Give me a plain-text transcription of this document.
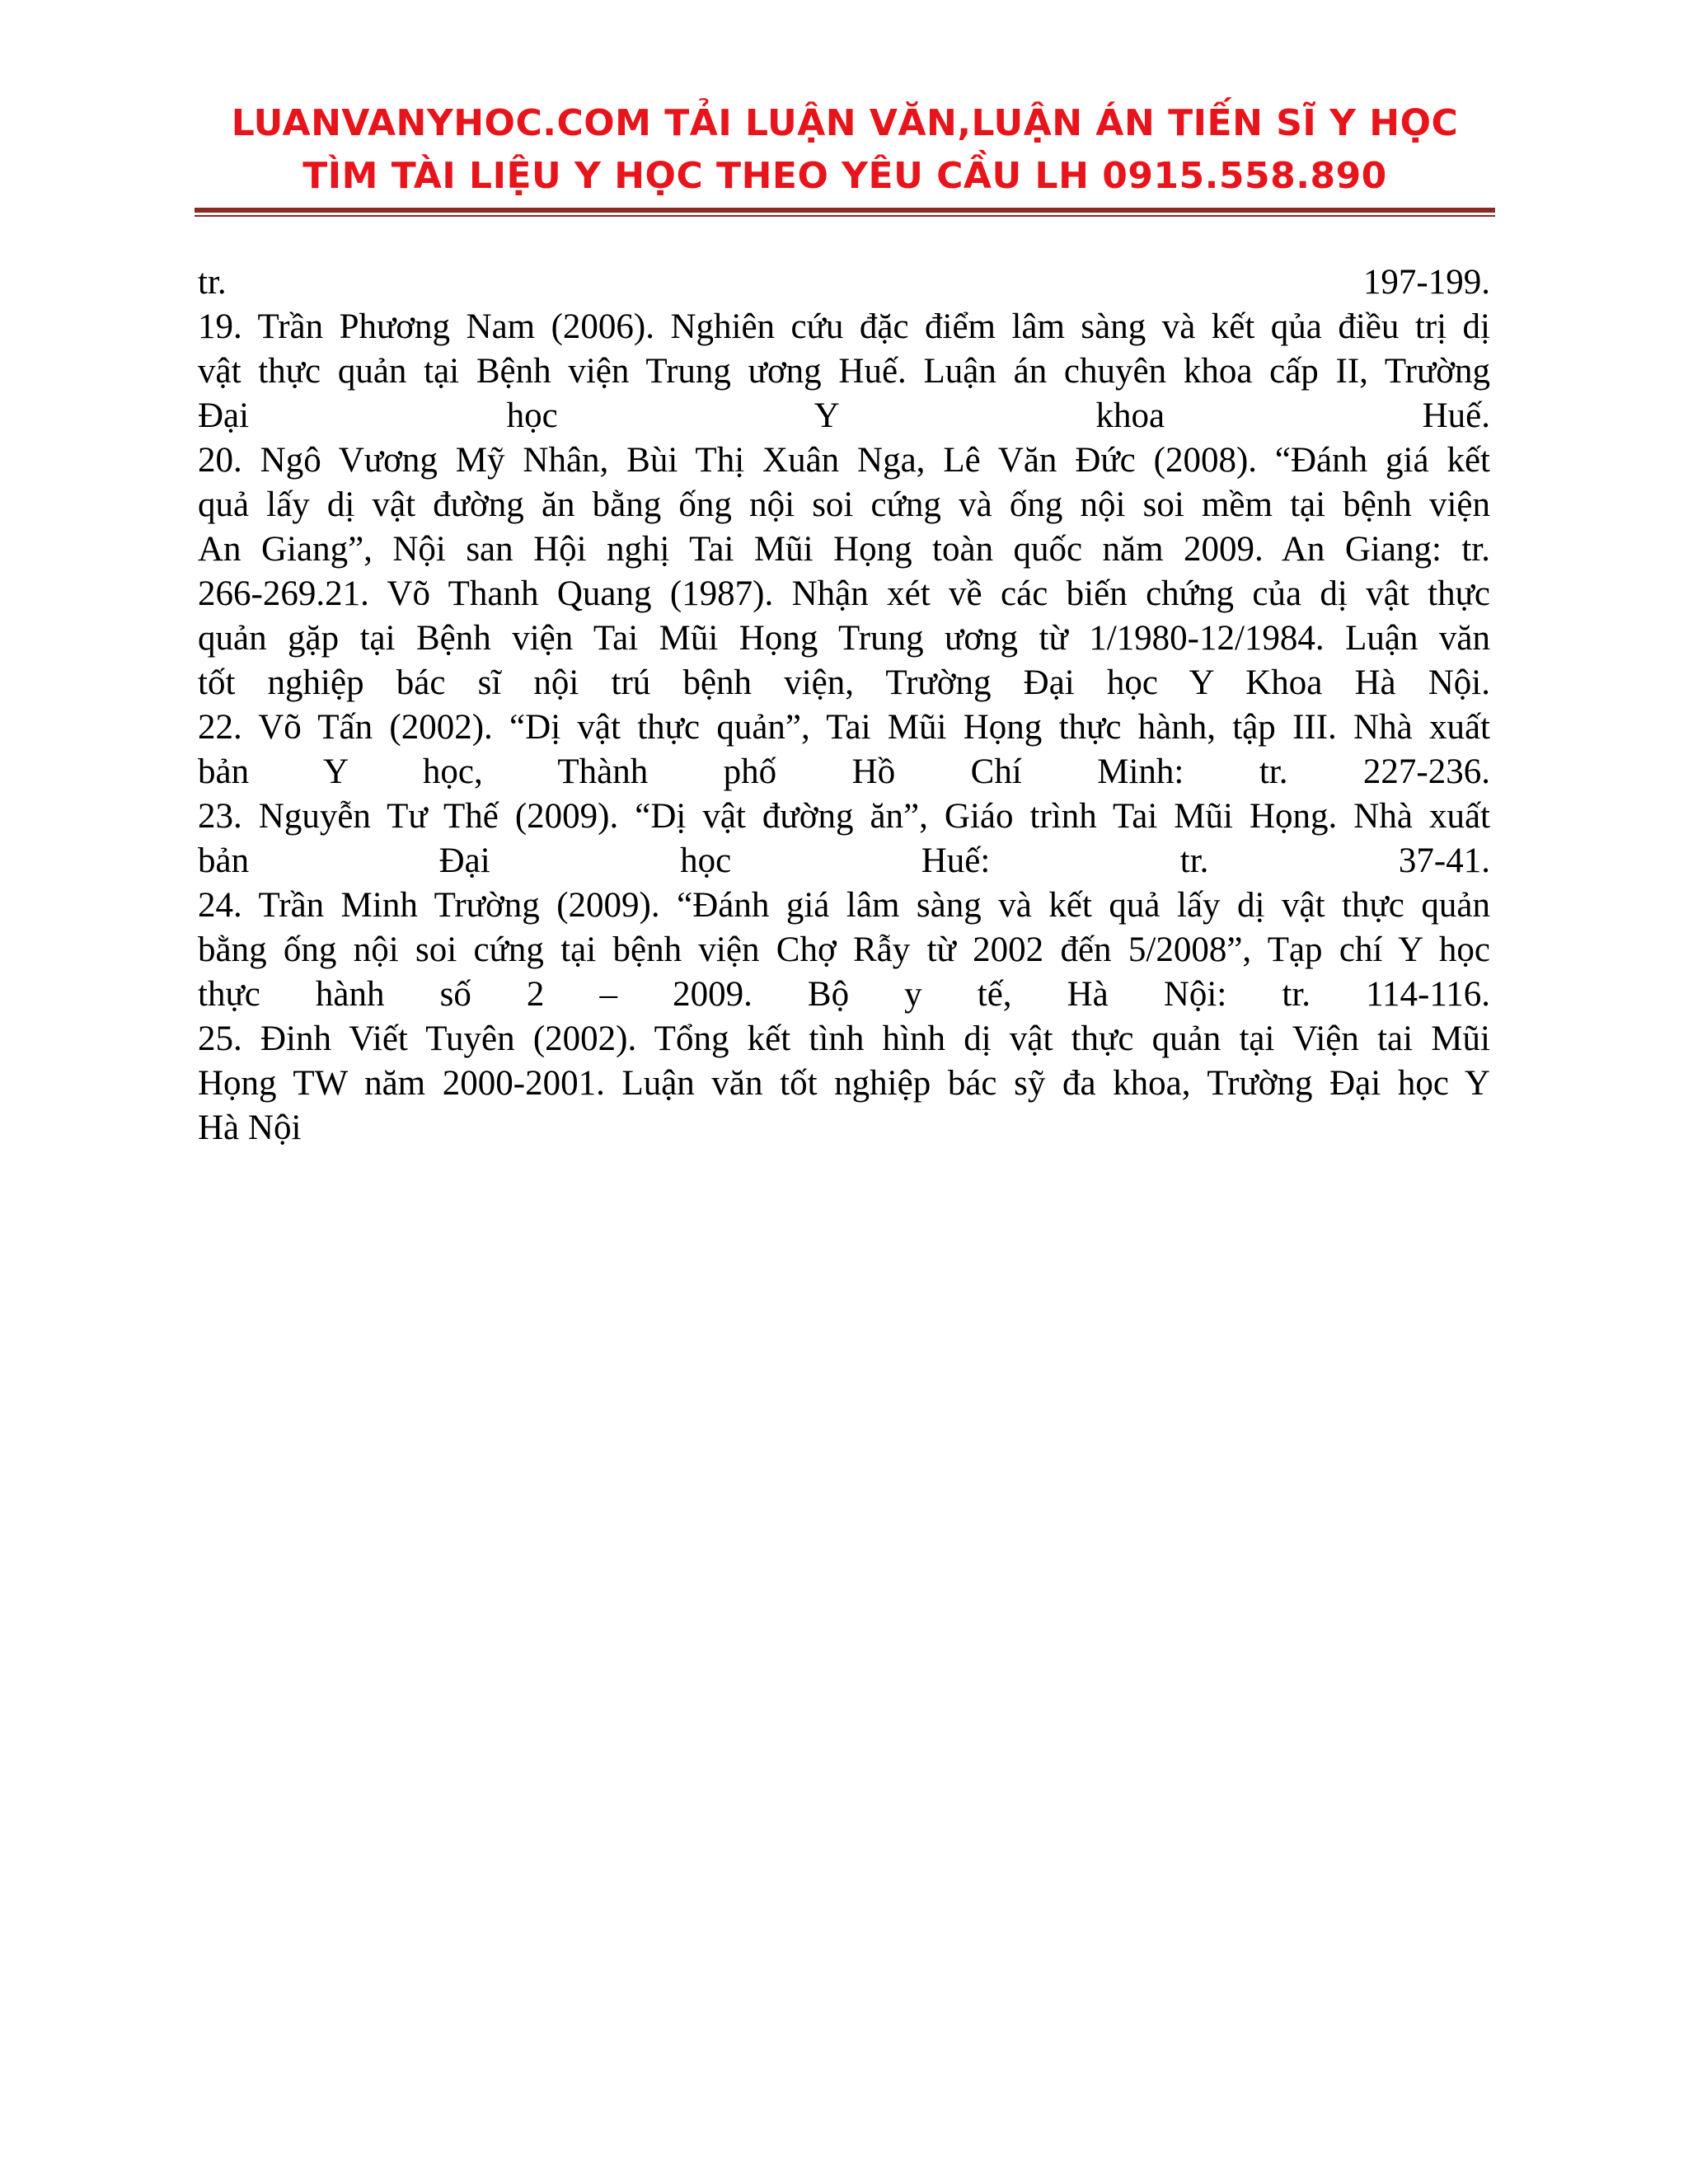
LUANVANYHOC.COM TẢI LUẬN VĂN,LUẬN ÁN TIẾN SĨ Y HỌC
TÌM TÀI LIỆU Y HỌC THEO YÊU CẦU LH 0915.558.890
tr. 197-199.
19. Trần Phương Nam (2006). Nghiên cứu đặc điểm lâm sàng và kết qủa điều trị dị
vật thực quản tại Bệnh viện Trung ương Huế. Luận án chuyên khoa cấp II, Trường
Đại học Y khoa Huế.
20. Ngô Vương Mỹ Nhân, Bùi Thị Xuân Nga, Lê Văn Đức (2008). “Đánh giá kết
quả lấy dị vật đường ăn bằng ống nội soi cứng và ống nội soi mềm tại bệnh viện
An Giang”, Nội san Hội nghị Tai Mũi Họng toàn quốc năm 2009. An Giang: tr.
266-269.21. Võ Thanh Quang (1987). Nhận xét về các biến chứng của dị vật thực
quản gặp tại Bệnh viện Tai Mũi Họng Trung ương từ 1/1980-12/1984. Luận văn
tốt nghiệp bác sĩ nội trú bệnh viện, Trường Đại học Y Khoa Hà Nội.
22. Võ Tấn (2002). “Dị vật thực quản”, Tai Mũi Họng thực hành, tập III. Nhà xuất
bản Y học, Thành phố Hồ Chí Minh: tr. 227-236.
23. Nguyễn Tư Thế (2009). “Dị vật đường ăn”, Giáo trình Tai Mũi Họng. Nhà xuất
bản Đại học Huế: tr. 37-41.
24. Trần Minh Trường (2009). “Đánh giá lâm sàng và kết quả lấy dị vật thực quản
bằng ống nội soi cứng tại bệnh viện Chợ Rẫy từ 2002 đến 5/2008”, Tạp chí Y học
thực hành số 2 – 2009. Bộ y tế, Hà Nội: tr. 114-116.
25. Đinh Viết Tuyên (2002). Tổng kết tình hình dị vật thực quản tại Viện tai Mũi
Họng TW năm 2000-2001. Luận văn tốt nghiệp bác sỹ đa khoa, Trường Đại học Y
Hà Nội
